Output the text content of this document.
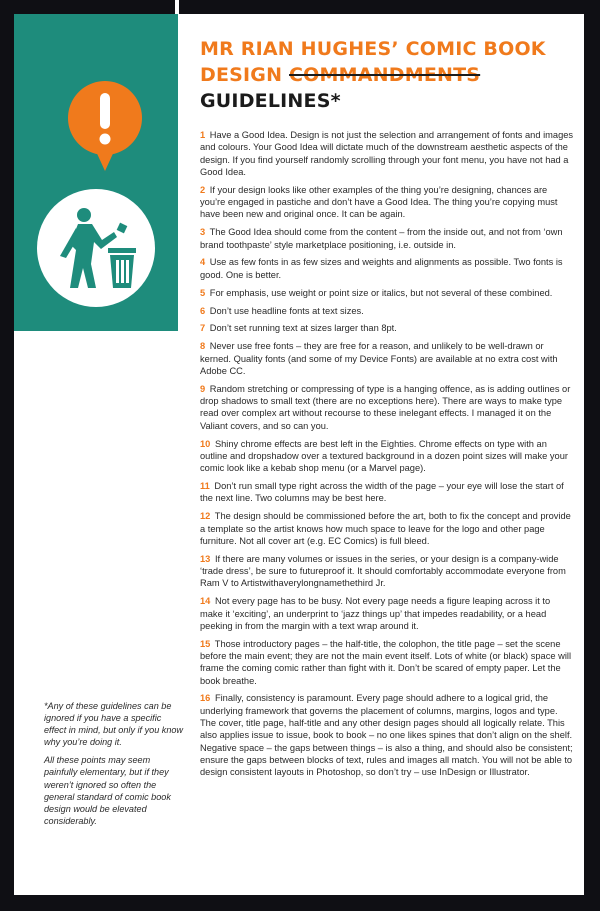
MR RIAN HUGHES’ COMIC BOOK
DESIGN COMMANDMENTS
GUIDELINES*

1 Have a Good Idea. Design is not just the selection and arrangement of fonts and images and colours. Your Good Idea will dictate much of the downstream aesthetic aspects of the design. If you find yourself randomly scrolling through your font menu, you have not had a Good Idea.

2 If your design looks like other examples of the thing you’re designing, chances are you’re engaged in pastiche and don’t have a Good Idea. The thing you’re copying must have been new and original once. It can be again.

3 The Good Idea should come from the content – from the inside out, and not from ‘own brand toothpaste’ style marketplace positioning, i.e. outside in.

4 Use as few fonts in as few sizes and weights and alignments as possible. Two fonts is good. One is better.

5 For emphasis, use weight or point size or italics, but not several of these combined.

6 Don’t use headline fonts at text sizes.

7 Don’t set running text at sizes larger than 8pt.

8 Never use free fonts – they are free for a reason, and unlikely to be well-drawn or kerned. Quality fonts (and some of my Device Fonts) are available at no extra cost with Adobe CC.

9 Random stretching or compressing of type is a hanging offence, as is adding outlines or drop shadows to small text (there are no exceptions here). There are ways to make type read over complex art without recourse to these inelegant effects. I managed it on the Valiant covers, and so can you.

10 Shiny chrome effects are best left in the Eighties. Chrome effects on type with an outline and dropshadow over a textured background in a dozen point sizes will make your comic look like a kebab shop menu (or a Marvel page).

11 Don’t run small type right across the width of the page – your eye will lose the start of the next line. Two columns may be best here.

12 The design should be commissioned before the art, both to fix the concept and provide a template so the artist knows how much space to leave for the logo and other page furniture. Not all cover art (e.g. EC Comics) is full bleed.

13 If there are many volumes or issues in the series, or your design is a company-wide ‘trade dress’, be sure to futureproof it. It should comfortably accommodate everyone from Ram V to Artistwithaverylongnamethethird Jr.

14 Not every page has to be busy. Not every page needs a figure leaping across it to make it ‘exciting’, an underprint to ‘jazz things up’ that impedes readability, or a head peeking in from the margin with a text wrap around it.

15 Those introductory pages – the half-title, the colophon, the title page – set the scene before the main event; they are not the main event itself. Lots of white (or black) space will frame the coming comic rather than fight with it. Don’t be scared of empty paper. Let the book breathe.

16 Finally, consistency is paramount. Every page should adhere to a logical grid, the underlying framework that governs the placement of columns, margins, logos and type. The cover, title page, half-title and any other design pages should all logically relate. This also applies issue to issue, book to book – no one likes spines that don’t align on the shelf. Negative space – the gaps between things – is also a thing, and should also be consistent; ensure the gaps between blocks of text, rules and images all match. You will not be able to design consistent layouts in Photoshop, so don’t try – use InDesign or Illustrator.

*Any of these guidelines can be ignored if you have a specific effect in mind, but only if you know why you’re doing it.

All these points may seem painfully elementary, but if they weren’t ignored so often the general standard of comic book design would be elevated considerably.
